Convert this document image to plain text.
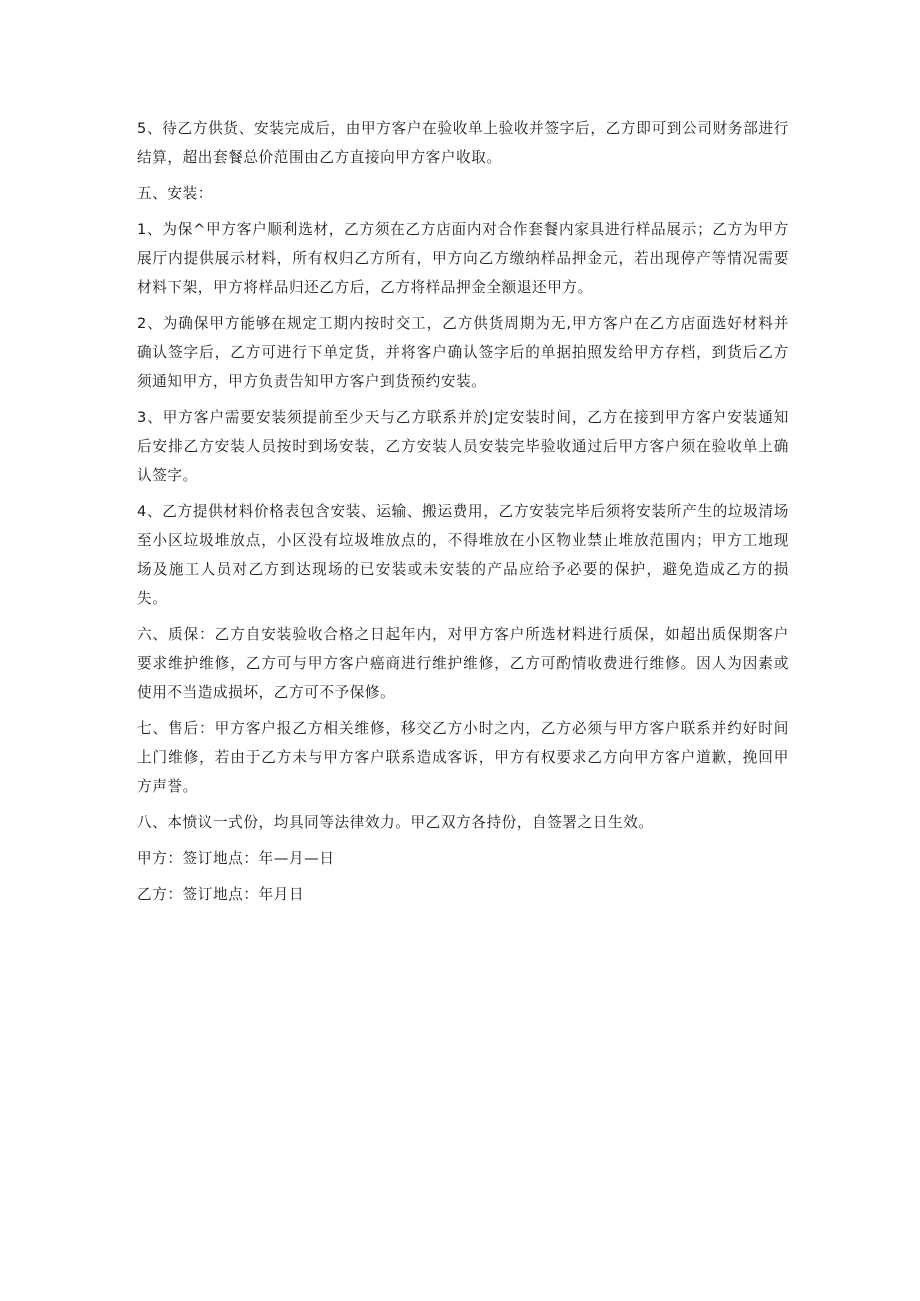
5、待乙方供货、安装完成后，由甲方客户在验收单上验收并签字后，乙方即可到公司财务部进行结算，超出套餐总价范围由乙方直接向甲方客户收取。

五、安装：

1、为保^甲方客户顺利选材，乙方须在乙方店面内对合作套餐内家具进行样品展示；乙方为甲方展厅内提供展示材料，所有权归乙方所有，甲方向乙方缴纳样品押金元，若出现停产等情况需要材料下架，甲方将样品归还乙方后，乙方将样品押金全额退还甲方。

2、为确保甲方能够在规定工期内按时交工，乙方供货周期为无,甲方客户在乙方店面选好材料并确认签字后，乙方可进行下单定货，并将客户确认签字后的单据拍照发给甲方存档，到货后乙方须通知甲方，甲方负责告知甲方客户到货预约安装。

3、甲方客户需要安装须提前至少天与乙方联系并於J定安装时间，乙方在接到甲方客户安装通知后安排乙方安装人员按时到场安装，乙方安装人员安装完毕验收通过后甲方客户须在验收单上确认签字。

4、乙方提供材料价格表包含安装、运输、搬运费用，乙方安装完毕后须将安装所产生的垃圾清场至小区垃圾堆放点，小区没有垃圾堆放点的，不得堆放在小区物业禁止堆放范围内；甲方工地现场及施工人员对乙方到达现场的已安装或未安装的产品应给予必要的保护，避免造成乙方的损失。

六、质保：乙方自安装验收合格之日起年内，对甲方客户所选材料进行质保，如超出质保期客户要求维护维修，乙方可与甲方客户癌商进行维护维修，乙方可酌情收费进行维修。因人为因素或使用不当造成损坏，乙方可不予保修。

七、售后：甲方客户报乙方相关维修，移交乙方小时之内，乙方必须与甲方客户联系并约好时间上门维修，若由于乙方未与甲方客户联系造成客诉，甲方有权要求乙方向甲方客户道歉，挽回甲方声誉。

八、本愤议一式份，均具同等法律效力。甲乙双方各持份，自签署之日生效。

甲方：签订地点：年—月—日

乙方：签订地点：年月日
